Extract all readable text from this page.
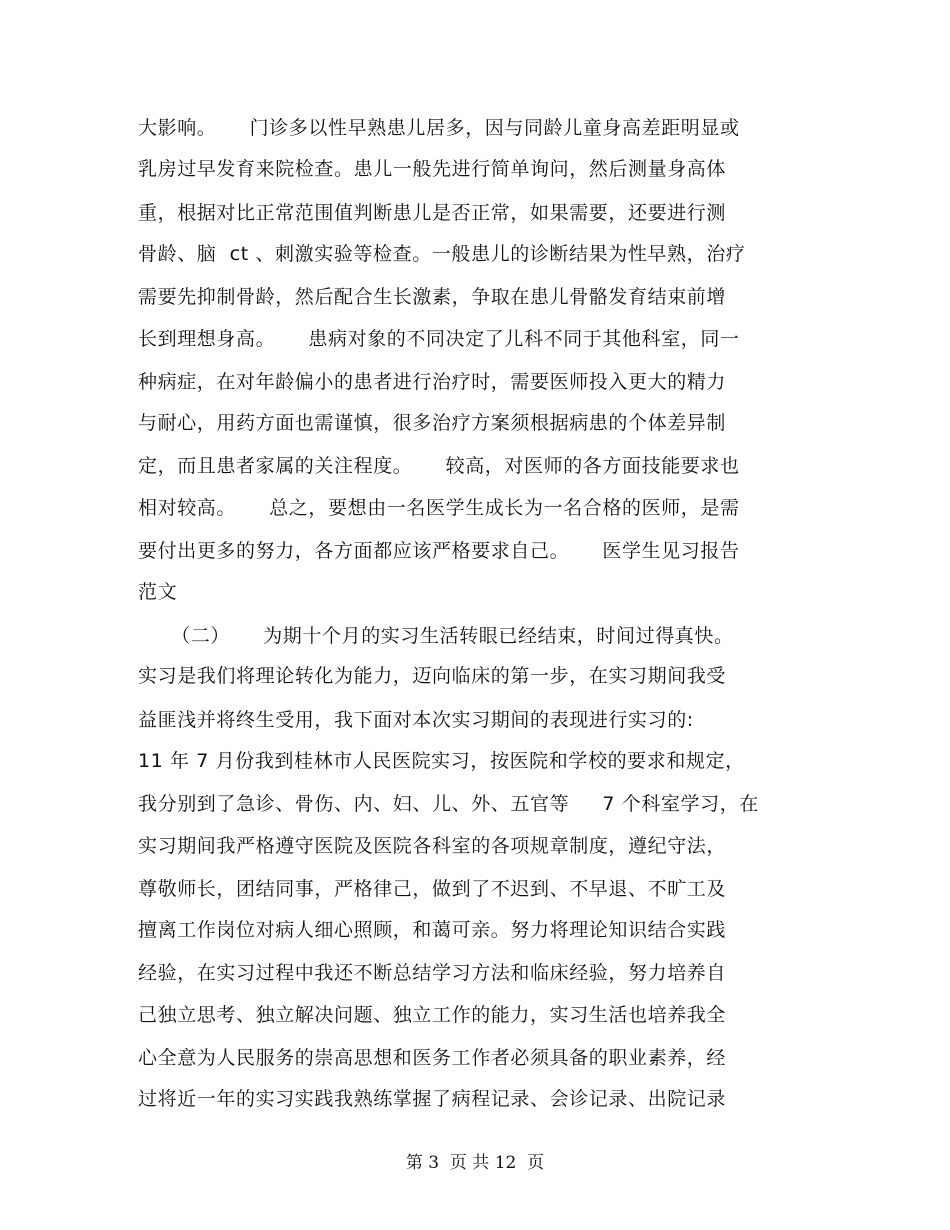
大影响。     门诊多以性早熟患儿居多，因与同龄儿童身高差距明显或
乳房过早发育来院检查。患儿一般先进行简单询问，然后测量身高体
重，根据对比正常范围值判断患儿是否正常，如果需要，还要进行测
骨龄、脑  ct 、刺激实验等检查。一般患儿的诊断结果为性早熟，治疗
需要先抑制骨龄，然后配合生长激素，争取在患儿骨骼发育结束前增
长到理想身高。     患病对象的不同决定了儿科不同于其他科室，同一
种病症，在对年龄偏小的患者进行治疗时，需要医师投入更大的精力
与耐心，用药方面也需谨慎，很多治疗方案须根据病患的个体差异制
定，而且患者家属的关注程度。     较高，对医师的各方面技能要求也
相对较高。     总之，要想由一名医学生成长为一名合格的医师，是需
要付出更多的努力，各方面都应该严格要求自己。     医学生见习报告
范文
（二）     为期十个月的实习生活转眼已经结束，时间过得真快。
实习是我们将理论转化为能力，迈向临床的第一步，在实习期间我受
益匪浅并将终生受用，我下面对本次实习期间的表现进行实习的:
11 年 7 月份我到桂林市人民医院实习，按医院和学校的要求和规定，
我分别到了急诊、骨伤、内、妇、儿、外、五官等     7 个科室学习，在
实习期间我严格遵守医院及医院各科室的各项规章制度，遵纪守法，
尊敬师长，团结同事，严格律己，做到了不迟到、不早退、不旷工及
擅离工作岗位对病人细心照顾，和蔼可亲。努力将理论知识结合实践
经验，在实习过程中我还不断总结学习方法和临床经验，努力培养自
己独立思考、独立解决问题、独立工作的能力，实习生活也培养我全
心全意为人民服务的崇高思想和医务工作者必须具备的职业素养，经
过将近一年的实习实践我熟练掌握了病程记录、会诊记录、出院记录
第 3  页 共 12  页
